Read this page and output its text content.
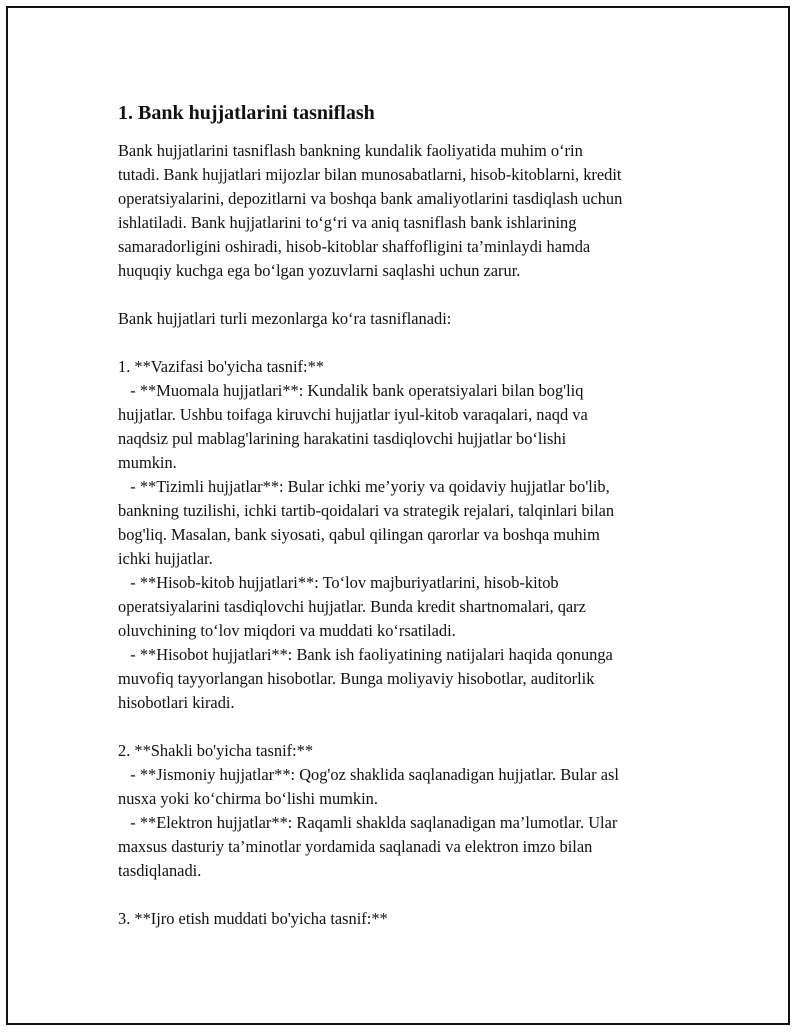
1. Bank hujjatlarini tasniflash
Bank hujjatlarini tasniflash bankning kundalik faoliyatida muhim o‘rin
tutadi. Bank hujjatlari mijozlar bilan munosabatlarni, hisob-kitoblarni, kredit
operatsiyalarini, depozitlarni va boshqa bank amaliyotlarini tasdiqlash uchun
ishlatiladi. Bank hujjatlarini to‘g‘ri va aniq tasniflash bank ishlarining
samaradorligini oshiradi, hisob-kitoblar shaffofligini ta’minlaydi hamda
huquqiy kuchga ega bo‘lgan yozuvlarni saqlashi uchun zarur.
Bank hujjatlari turli mezonlarga ko‘ra tasniflanadi:
1. **Vazifasi bo'yicha tasnif:**
- **Muomala hujjatlari**: Kundalik bank operatsiyalari bilan bog'liq
hujjatlar. Ushbu toifaga kiruvchi hujjatlar iyul-kitob varaqalari, naqd va
naqdsiz pul mablag'larining harakatini tasdiqlovchi hujjatlar bo‘lishi
mumkin.
- **Tizimli hujjatlar**: Bular ichki me’yoriy va qoidaviy hujjatlar bo'lib,
bankning tuzilishi, ichki tartib-qoidalari va strategik rejalari, talqinlari bilan
bog'liq. Masalan, bank siyosati, qabul qilingan qarorlar va boshqa muhim
ichki hujjatlar.
- **Hisob-kitob hujjatlari**: To‘lov majburiyatlarini, hisob-kitob
operatsiyalarini tasdiqlovchi hujjatlar. Bunda kredit shartnomalari, qarz
oluvchining to‘lov miqdori va muddati ko‘rsatiladi.
- **Hisobot hujjatlari**: Bank ish faoliyatining natijalari haqida qonunga
muvofiq tayyorlangan hisobotlar. Bunga moliyaviy hisobotlar, auditorlik
hisobotlari kiradi.
2. **Shakli bo'yicha tasnif:**
- **Jismoniy hujjatlar**: Qog'oz shaklida saqlanadigan hujjatlar. Bular asl
nusxa yoki ko‘chirma bo‘lishi mumkin.
- **Elektron hujjatlar**: Raqamli shaklda saqlanadigan ma’lumotlar. Ular
maxsus dasturiy ta’minotlar yordamida saqlanadi va elektron imzo bilan
tasdiqlanadi.
3. **Ijro etish muddati bo'yicha tasnif:**
